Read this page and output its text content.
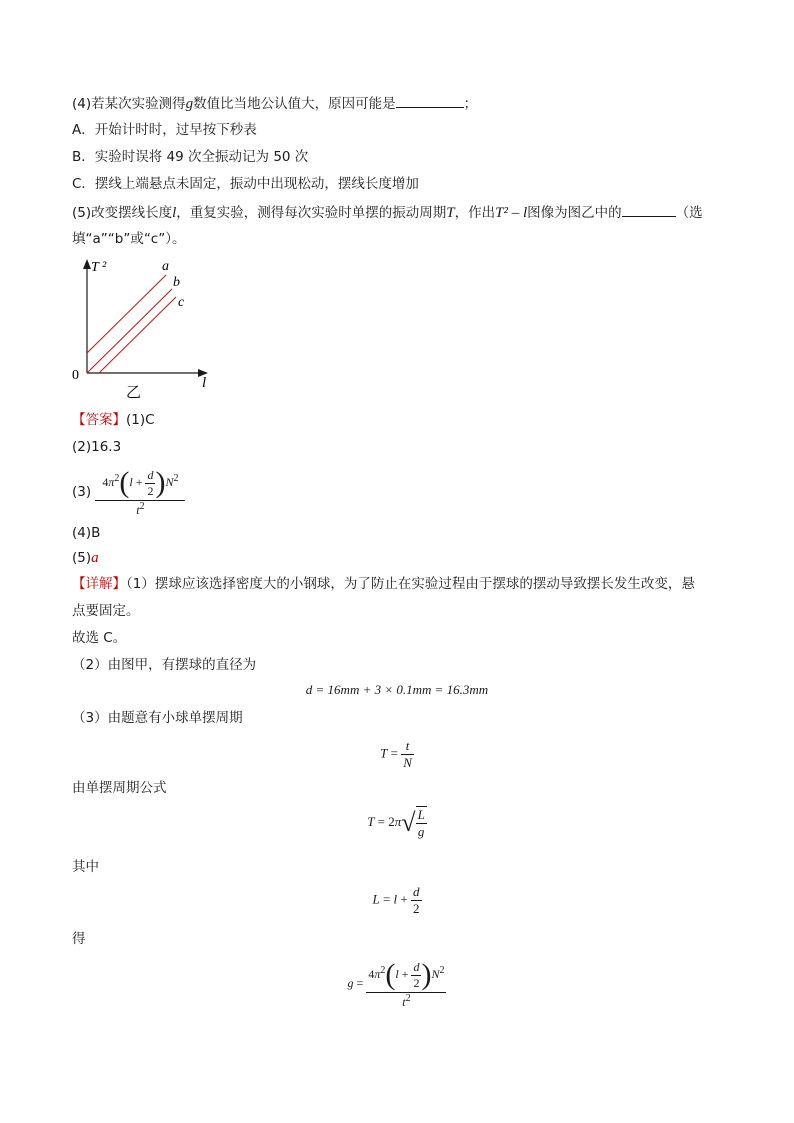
(4)若某次实验测得g数值比当地公认值大，原因可能是	；
A．开始计时时，过早按下秒表
B．实验时误将 49 次全振动记为 50 次
C．摆线上端悬点未固定，振动中出现松动，摆线长度增加
(5)改变摆线长度l，重复实验，测得每次实验时单摆的振动周期T，作出T² – l图像为图乙中的	（选
填“a”“b”或“c”）。
T ²	a
b
c
0	l
乙
【答案】(1)C
(2)16.3
$(3) \frac{4\pi^2(l + \frac{d}{2} )N^2}{t^2}$
(4)B
(5)a
【详解】（1）摆球应该选择密度大的小钢球，为了防止在实验过程由于摆球的摆动导致摆长发生改变，悬
点要固定。
故选 C。
（2）由图甲，有摆球的直径为
d = 16mm + 3 × 0.1mm = 16.3mm
（3）由题意有小球单摆周期
$T = \frac{t}{N}$
由单摆周期公式
$T = 2\pi√ \frac{L}{g}$
其中
$L = l + \frac{d}{2}$
得
$g = \frac{4\pi^2(l + \frac{d}{2} )N^2}{t^2}$
